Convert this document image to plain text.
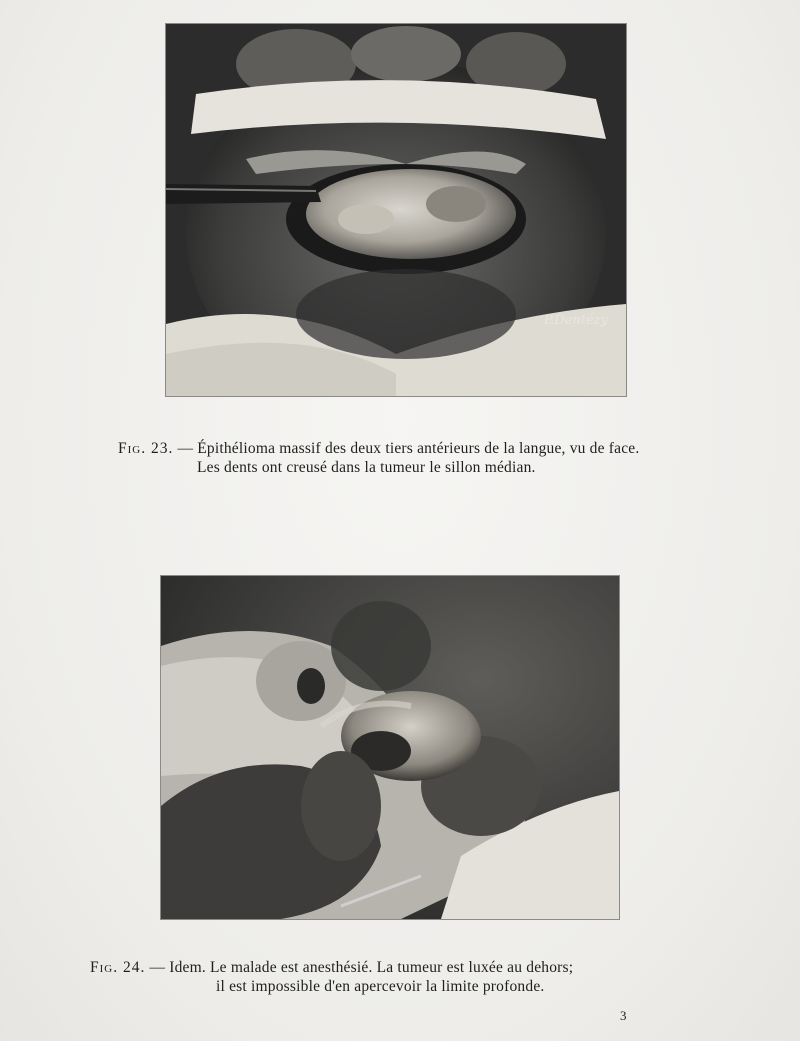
P.Dentézy
Fig. 23. — Épithélioma massif des deux tiers antérieurs de la langue, vu de face.
Les dents ont creusé dans la tumeur le sillon médian.
Fig. 24. — Idem. Le malade est anesthésié. La tumeur est luxée au dehors;
il est impossible d'en apercevoir la limite profonde.
3
